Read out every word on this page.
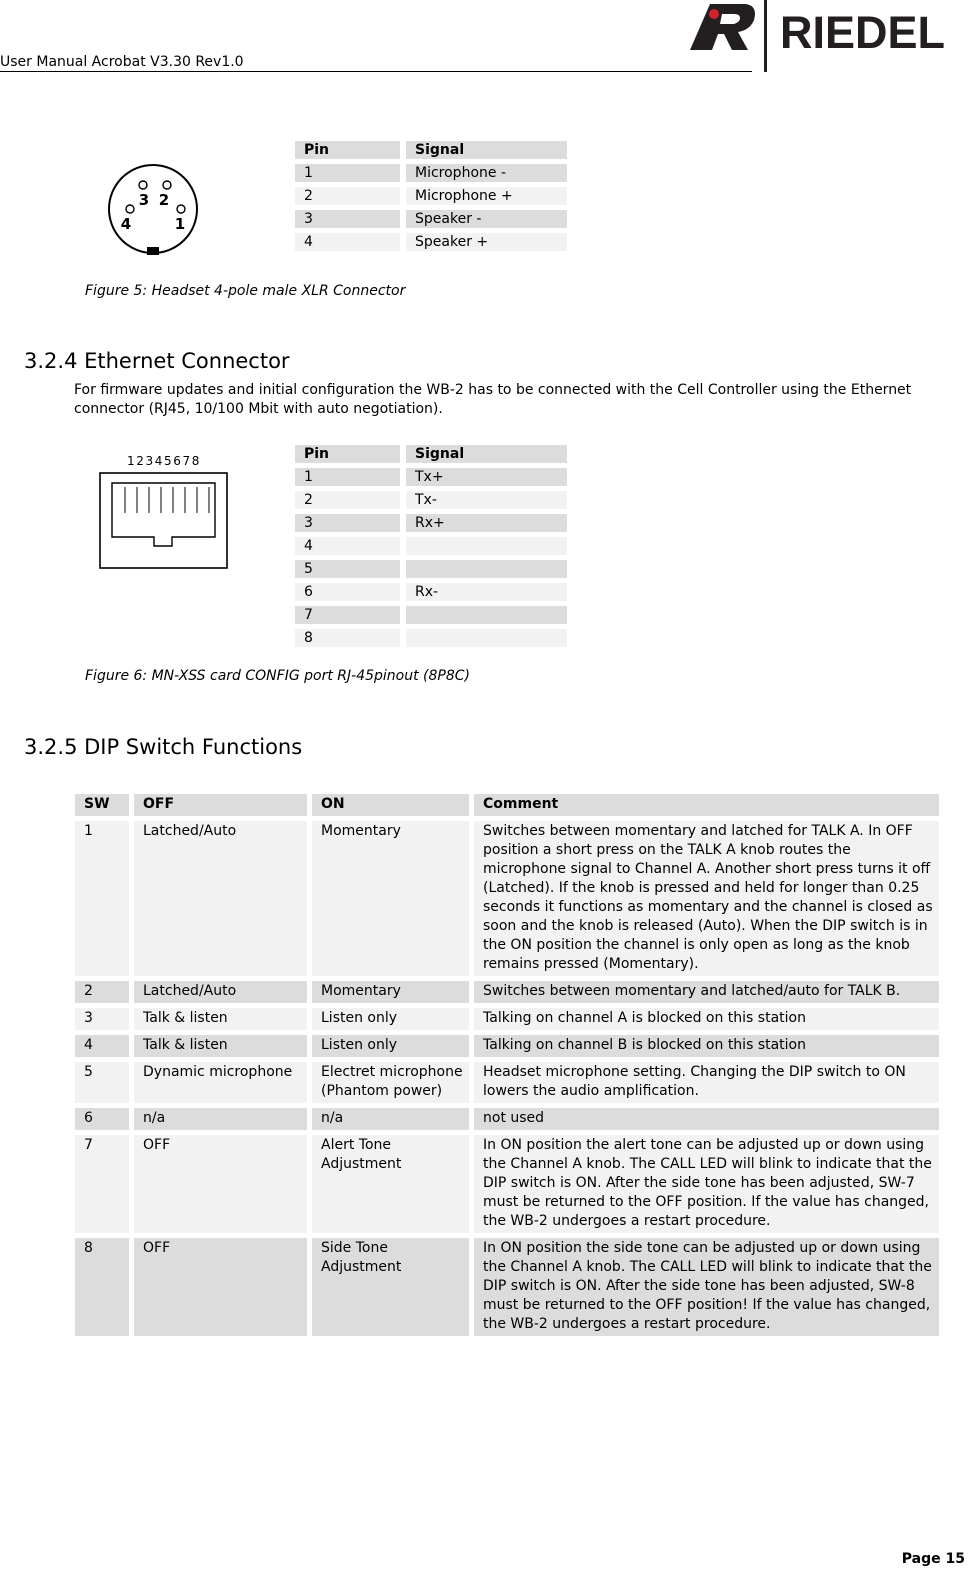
User Manual Acrobat V3.30 Rev1.0
RIEDEL
1
2
3
4
Pin		Signal	
1		Microphone -	
2		Microphone +	
3		Speaker -	
4		Speaker +	
Figure 5: Headset 4-pole male XLR Connector
3.2.4 Ethernet Connector
For firmware updates and initial configuration the WB-2 has to be connected with the Cell Controller using the Ethernet connector (RJ45, 10/100 Mbit with auto negotiation).
12345678	Pin		Signal	
1		Tx+	
2		Tx-	
3		Rx+	
4			
5			
6		Rx-	
7			
8			
Figure 6: MN-XSS card CONFIG port RJ-45pinout (8P8C)
3.2.5 DIP Switch Functions
SW		OFF		ON		Comment
1		Latched/Auto		Momentary		Switches between momentary and latched for TALK A. In OFF position a short press on the TALK A knob routes the microphone signal to Channel A. Another short press turns it off (Latched). If the knob is pressed and held for longer than 0.25 seconds it functions as momentary and the channel is closed as soon and the knob is released (Auto). When the DIP switch is in the ON position the channel is only open as long as the knob remains pressed (Momentary).
2		Latched/Auto		Momentary		Switches between momentary and latched/auto for TALK B.
3		Talk & listen		Listen only		Talking on channel A is blocked on this station
4		Talk & listen		Listen only		Talking on channel B is blocked on this station
5		Dynamic microphone		Electret microphone (Phantom power)		Headset microphone setting. Changing the DIP switch to ON lowers the audio amplification.
6		n/a		n/a		not used
7		OFF		Alert Tone Adjustment		In ON position the alert tone can be adjusted up or down using the Channel A knob. The CALL LED will blink to indicate that the DIP switch is ON. After the side tone has been adjusted, SW-7 must be returned to the OFF position. If the value has changed, the WB-2 undergoes a restart procedure.
8		OFF		Side Tone Adjustment		In ON position the side tone can be adjusted up or down using the Channel A knob. The CALL LED will blink to indicate that the DIP switch is ON. After the side tone has been adjusted, SW-8 must be returned to the OFF position! If the value has changed, the WB-2 undergoes a restart procedure.
Page 15
